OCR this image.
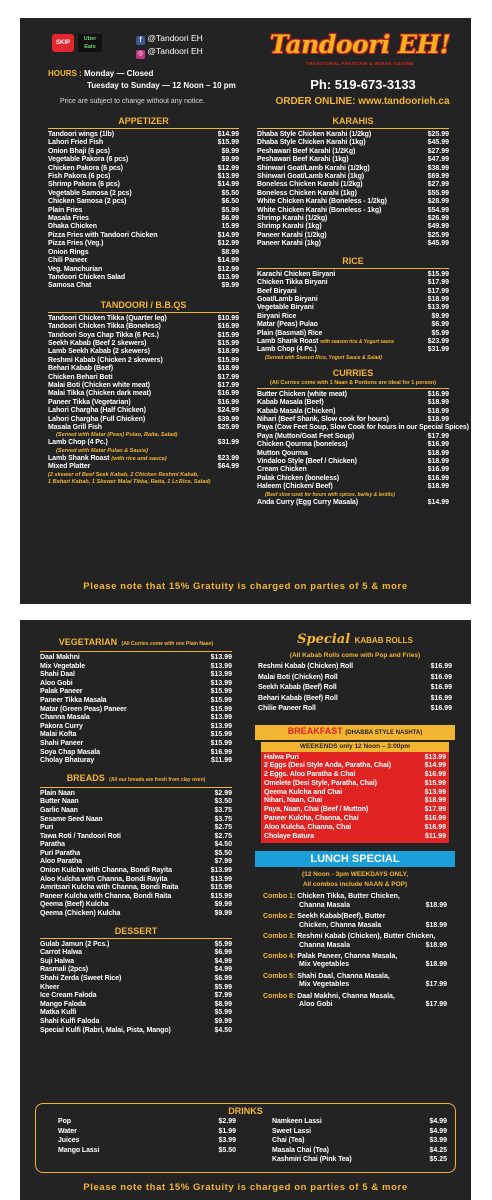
SKIP
Uber Eats
f @Tandoori EH
◎ @Tandoori EH
HOURS : Monday — Closed
Tuesday to Sunday — 12 Noon – 10 pm
Price are subject to change without any notice.
Tandoori EH!
TRADITIONAL PAKISTANI & INDIAN CUISINE
Ph: 519-673-3133
ORDER ONLINE: www.tandoorieh.ca
APPETIZER
Tandoori wings (1lb)	$14.99
Lahori Fried Fish	$15.99
Onion Bhaji (6 pcs)	$9.99
Vegetable Pakora (6 pcs)	$9.99
Chicken Pakora (6 pcs)	$12.99
Fish Pakora (6 pcs)	$13.99
Shrimp Pakora (6 pcs)	$14.99
Vegetable Samosa (2 pcs)	$5.50
Chicken Samosa (2 pcs)	$6.50
Plain Fries	$5.99
Masala Fries	$6.99
Dhaka Chicken	15.99
Pizza Fries with Tandoori Chicken	$14.99
Pizza Fries (Veg.)	$12.99
Onion Rings	$8.99
Chili Paneer	$14.99
Veg. Manchurian	$12.99
Tandoori Chicken Salad	$13.99
Samosa Chat	$9.99
TANDOORI / B.B.QS
Tandoori Chicken Tikka (Quarter leg)	$10.99
Tandoori Chicken Tikka (Boneless)	$16.99
Tandoori Soya Chap Tikka (6 Pcs.)	$15.99
Seekh Kabab (Beef 2 skewers)	$15.99
Lamb Seekh Kabab (2 skewers)	$18.99
Reshmi Kabab (Chicken 2 skewers)	$15.99
Behari Kabab (Beef)	$18.99
Chicken Behari Boti	$17.99
Malai Boti (Chicken white meat)	$17.99
Malai Tikka (Chicken dark meat)	$16.99
Paneer Tikka (Vegetarian)	$16.99
Lahori Chargha (Half Chicken)	$24.99
Lahori Chargha (Full Chicken)	$39.99
Masala Grill Fish	$25.99
(Served with Matar (Peas) Pulao, Raita, Salad)
Lamb Chop (4 Pc.)	$31.99
(Served with Matar Pulao & Sauce)
Lamb Shank Roast (with rice and sauce)	$23.99
Mixed Platter	$64.99
(2 skewer of Beef Seek Kabab, 2 Chicken Reshmi Kabab,
1 Behari Kabab, 1 Skewer Malai Tikka, Raita, 1 Lr.Rice, Salad)
KARAHIS
Dhaba Style Chicken Karahi (1/2kg)	$25.99
Dhaba Style Chicken Karahi (1kg)	$45.99
Peshawari Beef Karahi (1/2Kg)	$27.99
Peshawari Beef Karahi (1kg)	$47.99
Shinwari Goat/Lamb Karahi (1/2kg)	$38.99
Shinwari Goat/Lamb Karahi (1kg)	$69.99
Boneless Chicken Karahi (1/2kg)	$27.99
Boneless Chicken Karahi (1kg)	$55.99
White Chicken Karahi (Boneless - 1/2kg)	$28.99
White Chicken Karahi (Boneless - 1kg)	$54.99
Shrimp Karahi (1/2kg)	$26.99
Shrimp Karahi (1kg)	$49.99
Paneer Karahi (1/2kg)	$25.99
Paneer Karahi (1kg)	$45.99
RICE
Karachi Chicken Biryani	$15.99
Chicken Tikka Biryani	$17.99
Beef Biryani	$17.99
Goat/Lamb Biryani	$18.99
Vegetable Biryani	$13.99
Biryani Rice	$9.99
Matar (Peas) Pulao	$6.99
Plain (Basmati) Rice	$5.99
Lamb Shank Roast with season rice & Yogurt sauce	$23.99
Lamb Chop (4 Pc.)	$31.99
(Served with Season Rice, Yogurt Sauce & Salad)
CURRIES
(All Curries come with 1 Naan & Portions are ideal for 1 person)
Butter Chicken (white meat)	$16.99
Kabab Masala (Beef)	$18.99
Kabab Masala (Chicken)	$18.99
Nihari (Beef Shank, Slow cook for hours)	$18.99
Paya (Cow Feet Soup, Slow Cook for hours in our Special Spices) $16.99
Paya (Mutton/Goat Feet Soup)	$17.99
Chicken Qourma (boneless)	$16.99
Mutton Qourma	$18.99
Vindaloo Style (Beef / Chicken)	$18.99
Cream Chicken	$16.99
Palak Chicken (boneless)	$16.99
Haleem (Chicken/ Beef)	$18.99
(Beef slow cook for hours with spices, barley & lentils)
Anda Curry (Egg Curry Masala)	$14.99
Please note that 15% Gratuity is charged on parties of 5 & more
VEGETARIAN (All Curries come with one Plain Naan)
Daal Makhni	$13.99
Mix Vegetable	$13.99
Shahi Daal	$13.99
Aloo Gobi	$13.99
Palak Paneer	$15.99
Paneer Tikka Masala	$15.99
Matar (Green Peas) Paneer	$15.99
Channa Masala	$13.99
Pakora Curry	$13.99
Malai Kofta	$15.99
Shahi Paneer	$15.99
Soya Chap Masala	$16.99
Cholay Bhaturay	$11.99
BREADS (All our breads are fresh from clay oven)
Plain Naan	$2.99
Butter Naan	$3.50
Garlic Naan	$3.75
Sesame Seed Naan	$3.75
Puri	$2.75
Tawa Roti / Tandoori Roti	$2.75
Paratha	$4.50
Puri Paratha	$5.50
Aloo Paratha	$7.99
Onion Kulcha with Channa, Bondi Rayita	$13.99
Aloo Kulcha with Channa, Bondi Rayita	$13.99
Amritsari Kulcha with Channa, Bondi Raita	$15.99
Paneer Kulcha with Channa, Bondi Raita	$15.99
Qeema (Beef) Kulcha	$9.99
Qeema (Chicken) Kulcha	$9.99
DESSERT
Gulab Jamun (2 Pcs.)	$5.99
Carrot Halwa	$6.99
Suji Halwa	$4.99
Rasmali (2pcs)	$4.99
Shahi Zerda (Sweet Rice)	$6.99
Kheer	$5.99
Ice Cream Faloda	$7.99
Mango Faloda	$8.99
Matka Kulfi	$5.99
Shahi Kulfi Faloda	$9.99
Special Kulfi (Rabri, Malai, Pista, Mango)	$4.50
Special KABAB ROLLS
(All Kabab Rolls come with Pop and Fries)
Reshmi Kabab (Chicken) Roll	$16.99
Malai Boti (Chicken) Roll	$16.99
Seekh Kabab (Beef) Roll	$16.99
Behari Kabab (Beef) Roll	$16.99
Chilie Paneer Roll	$16.99
BREAKFAST (DHABBA STYLE NASHTA)
WEEKENDS only 12 Noon – 3:00pm
Halwa Puri	$13.99
2 Eggs (Desi Style Anda, Paratha, Chai)	$14.99
2 Eggs. Aloo Paratha & Chai	$16.99
Omelete (Desi Style, Paratha, Chai)	$15.99
Qeema Kulcha and Chai	$13.99
Nihari, Naan, Chai	$18.99
Paya, Naan, Chai (Beef / Mutton)	$17.99
Paneer Kulcha, Channa, Chai	$16.99
Aloo Kulcha, Channa, Chai	$16.99
Cholaye Batura	$11.99
LUNCH SPECIAL
(12 Noon - 3pm WEEKDAYS ONLY,
All combos include NAAN & POP)
Combo 1: Chicken Tikka, Butter Chicken,
Channa Masala	$18.99
Combo 2: Seekh Kabab(Beef), Butter
Chicken, Channa Masala	$18.99
Combo 3: Reshmi Kabab (Chicken), Butter Chicken,
Channa Masala	$18.99
Combo 4: Palak Paneer, Channa Masala,
Mix Vegetables	$18.99
Combo 5: Shahi Daal, Channa Masala,
Mix Vegetables	$17.99
Combo 8: Daal Makhni, Channa Masala,
Aloo Gobi	$17.99
DRINKS
Pop	$2.99
Water	$1.99
Juices	$3.99
Mango Lassi	$5.50
Namkeen Lassi	$4.99
Sweet Lassi	$4.99
Chai (Tea)	$3.99
Masala Chai (Tea)	$4.25
Kashmiri Chai (Pink Tea)	$5.25
Please note that 15% Gratuity is charged on parties of 5 & more
